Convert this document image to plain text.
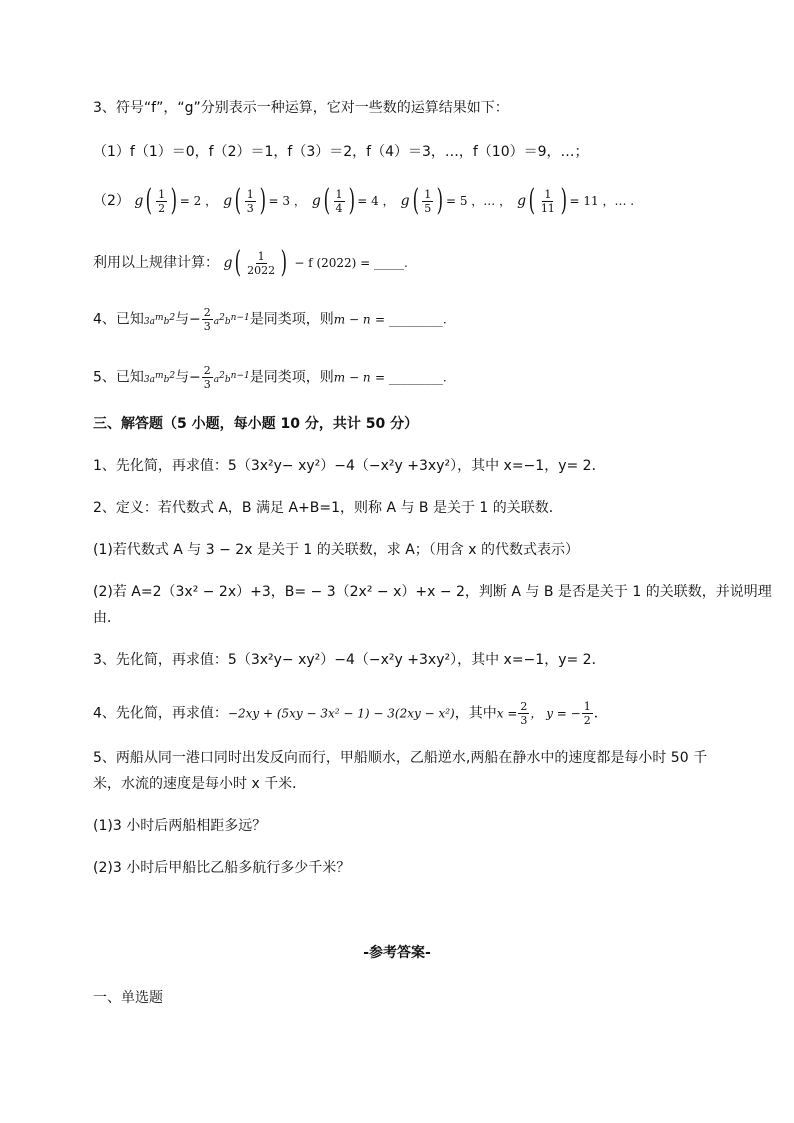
3、符号“f”，“g”分别表示一种运算，它对一些数的运算结果如下：
（1）f（1）＝0，f（2）＝1，f（3）＝2，f（4）＝3，…，f（10）＝9，…；
（2） $g( \frac{1}{2}$ ) = 2 ， $g( \frac{1}{3}$ ) = 3 ， $g( \frac{1}{4}$ ) = 4 ， $g( \frac{1}{5}$ ) = 5 ，… ， $g( \frac{1}{11}$ ) = 11 ，… .
利用以上规律计算： $g( \frac{1}{2022}$ ) − f (2022) = _____.
4、已知$3a^mb^2$与− $\frac{2}{3} a^2b^{n-1}$是同类项，则m − n = _________.
5、已知$3a^mb^2$与− $\frac{2}{3} a^2b^{n-1}$是同类项，则m − n = _________.
三、解答题（5 小题，每小题 10 分，共计 50 分）
1、先化简，再求值：5（3x²y− xy²）−4（−x²y +3xy²），其中 x=−1，y= 2．
2、定义：若代数式 A，B 满足 A+B=1，则称 A 与 B 是关于 1 的关联数．
(1)若代数式 A 与 3 − 2x 是关于 1 的关联数，求 A；（用含 x 的代数式表示）
(2)若 A=2（3x² − 2x）+3，B= − 3（2x² − x）+x − 2，判断 A 与 B 是否是关于 1 的关联数，并说明理
由．
3、先化简，再求值：5（3x²y− xy²）−4（−x²y +3xy²），其中 x=−1，y= 2．
4、先化简，再求值：−2xy + (5xy − 3x² − 1) − 3(2xy − x²)，其中$x = \frac{2}{3}$ ， y = − $\frac{1}{2}$ ．
5、两船从同一港口同时出发反向而行，甲船顺水，乙船逆水,两船在静水中的速度都是每小时 50 千
米，水流的速度是每小时 x 千米．
(1)3 小时后两船相距多远？
(2)3 小时后甲船比乙船多航行多少千米？
-参考答案-
一、单选题
